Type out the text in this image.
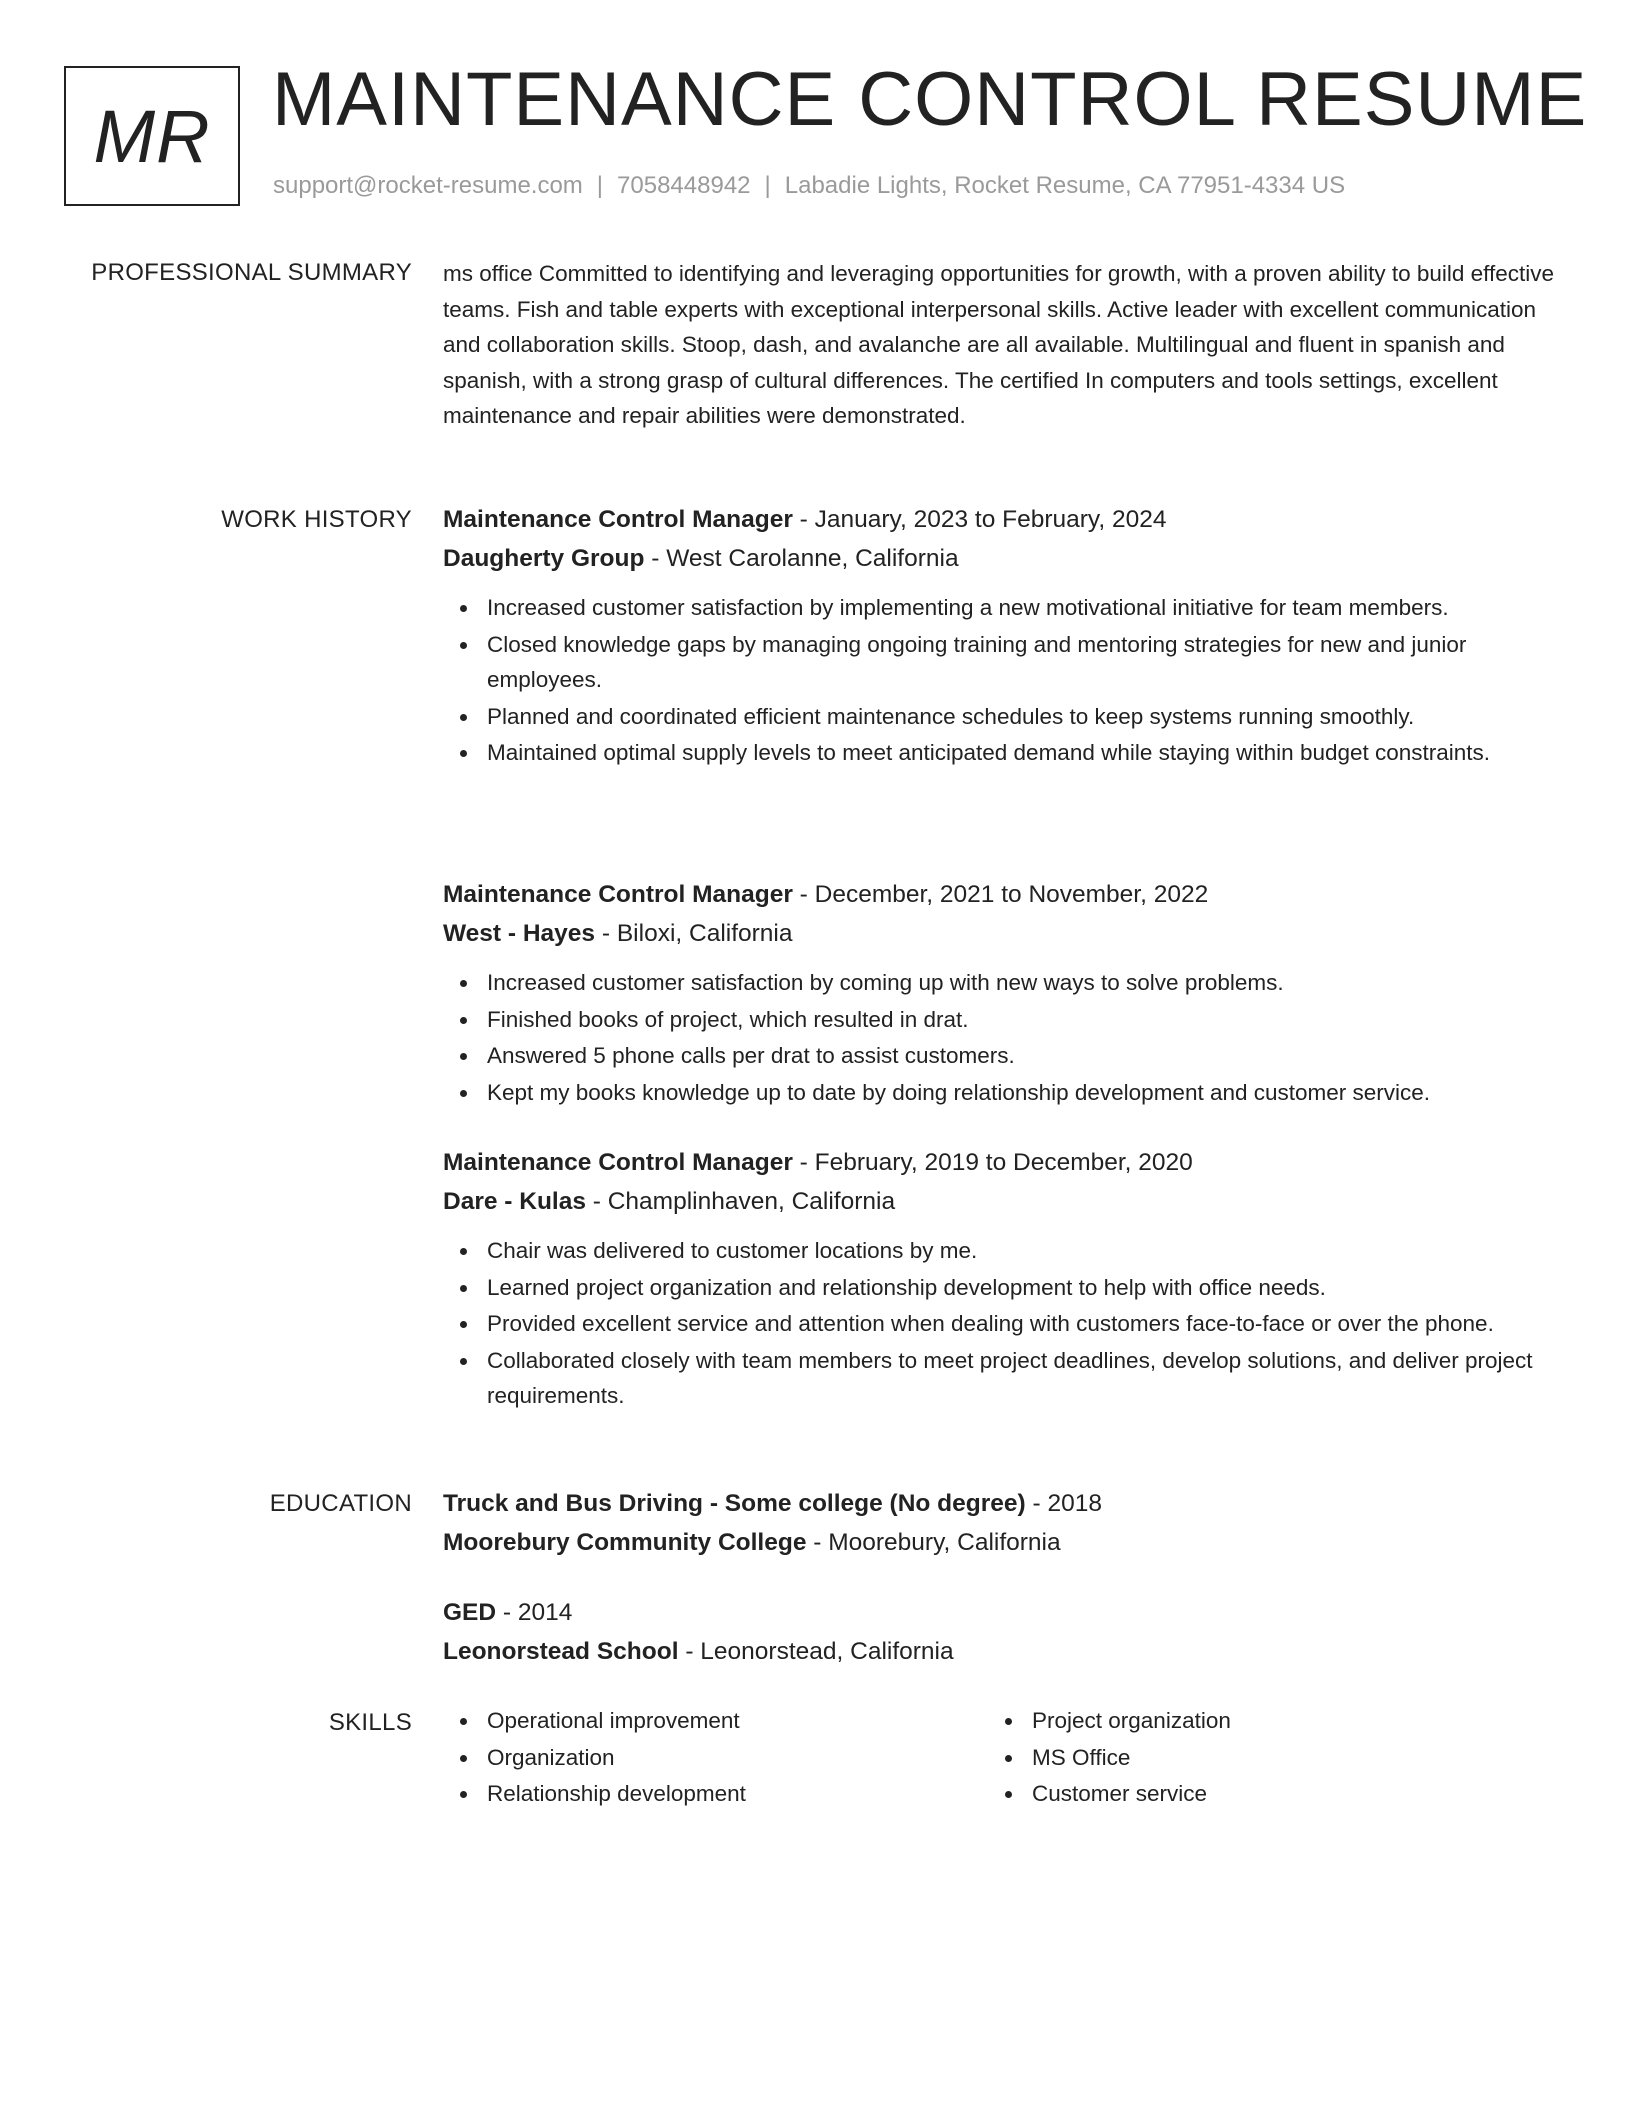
MR MAINTENANCE CONTROL RESUME
support@rocket-resume.com | 7058448942 | Labadie Lights, Rocket Resume, CA 77951-4334 US
PROFESSIONAL SUMMARY ms office Committed to identifying and leveraging opportunities for growth, with a proven ability to build effective teams. Fish and table experts with exceptional interpersonal skills. Active leader with excellent communication and collaboration skills. Stoop, dash, and avalanche are all available. Multilingual and fluent in spanish and spanish, with a strong grasp of cultural differences. The certified In computers and tools settings, excellent maintenance and repair abilities were demonstrated.
WORK HISTORY Maintenance Control Manager - January, 2023 to February, 2024
Daugherty Group - West Carolanne, California
Increased customer satisfaction by implementing a new motivational initiative for team members.
Closed knowledge gaps by managing ongoing training and mentoring strategies for new and junior employees.
Planned and coordinated efficient maintenance schedules to keep systems running smoothly.
Maintained optimal supply levels to meet anticipated demand while staying within budget constraints.
Maintenance Control Manager - December, 2021 to November, 2022
West - Hayes - Biloxi, California
Increased customer satisfaction by coming up with new ways to solve problems.
Finished books of project, which resulted in drat.
Answered 5 phone calls per drat to assist customers.
Kept my books knowledge up to date by doing relationship development and customer service.
Maintenance Control Manager - February, 2019 to December, 2020
Dare - Kulas - Champlinhaven, California
Chair was delivered to customer locations by me.
Learned project organization and relationship development to help with office needs.
Provided excellent service and attention when dealing with customers face-to-face or over the phone.
Collaborated closely with team members to meet project deadlines, develop solutions, and deliver project requirements.
EDUCATION Truck and Bus Driving - Some college (No degree) - 2018
Moorebury Community College - Moorebury, California
GED - 2014
Leonorstead School - Leonorstead, California
SKILLS	Operational improvement
Organization
Relationship development
Project organization
MS Office
Customer service
